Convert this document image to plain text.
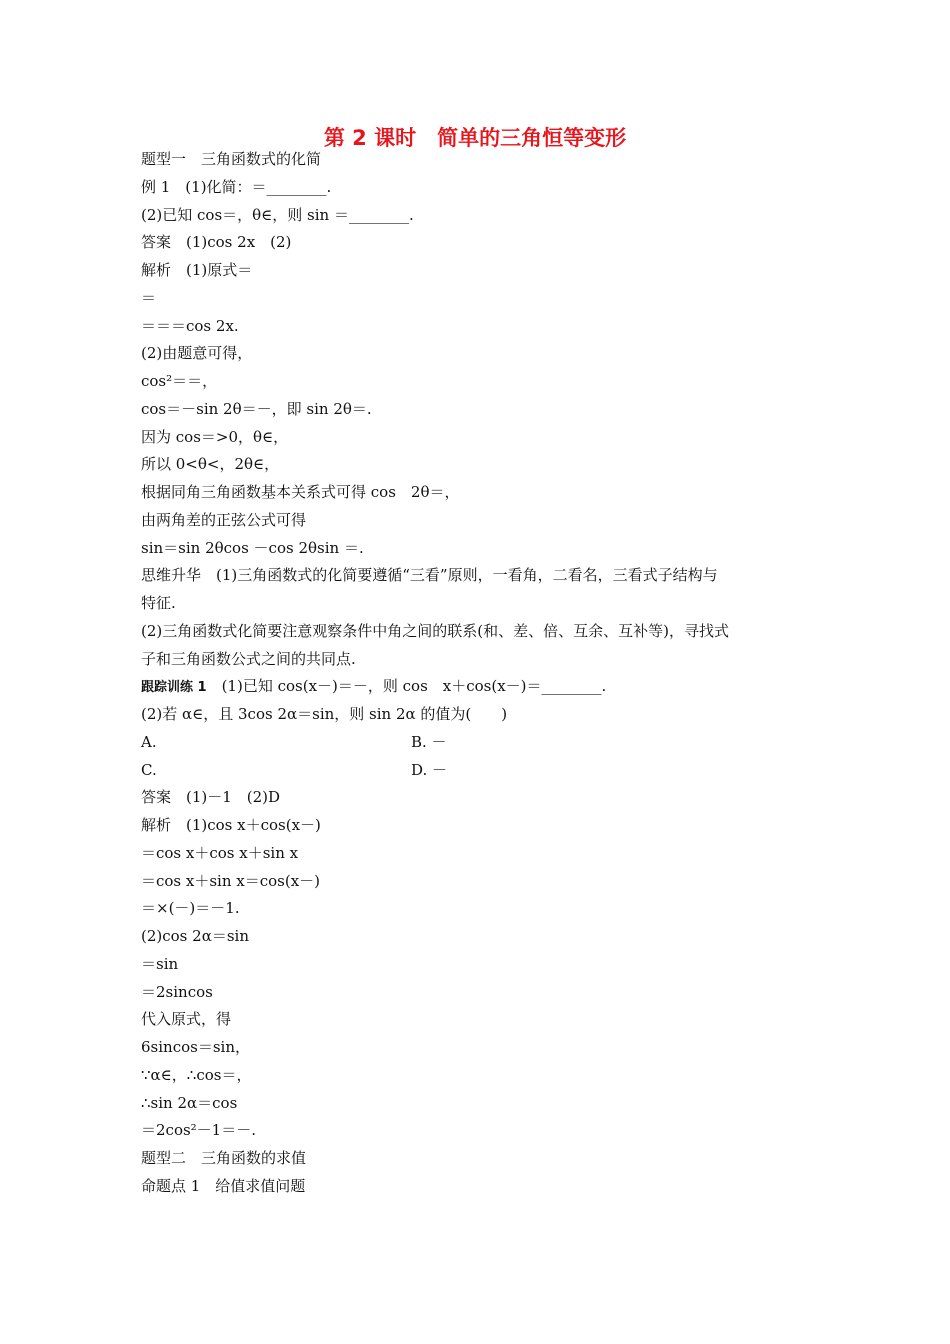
第 2 课时　简单的三角恒等变形
题型一　三角函数式的化简
例 1　(1)化简：＝________.
(2)已知 cos＝，θ∈，则 sin ＝________.
答案　(1)cos 2x　(2)
解析　(1)原式＝
＝
＝＝＝cos 2x.
(2)由题意可得，
cos²＝＝，
cos＝－sin 2θ＝－，即 sin 2θ＝.
因为 cos＝>0，θ∈，
所以 0<θ<，2θ∈，
根据同角三角函数基本关系式可得 cos　2θ＝，
由两角差的正弦公式可得
sin＝sin 2θcos －cos 2θsin ＝.
思维升华　(1)三角函数式的化简要遵循“三看”原则，一看角，二看名，三看式子结构与
特征.
(2)三角函数式化简要注意观察条件中角之间的联系(和、差、倍、互余、互补等)，寻找式
子和三角函数公式之间的共同点.
跟踪训练 1　(1)已知 cos(x－)＝－，则 cos　x＋cos(x－)＝________.
(2)若 α∈，且 3cos 2α＝sin，则 sin 2α 的值为(　　)
A.	B. －
C.	D. －
答案　(1)－1　(2)D
解析　(1)cos x＋cos(x－)
＝cos x＋cos x＋sin x
＝cos x＋sin x＝cos(x－)
＝×(－)＝－1.
(2)cos 2α＝sin
＝sin
＝2sincos
代入原式，得
6sincos＝sin，
∵α∈，∴cos＝，
∴sin 2α＝cos
＝2cos²－1＝－.
题型二　三角函数的求值
命题点 1　给值求值问题
